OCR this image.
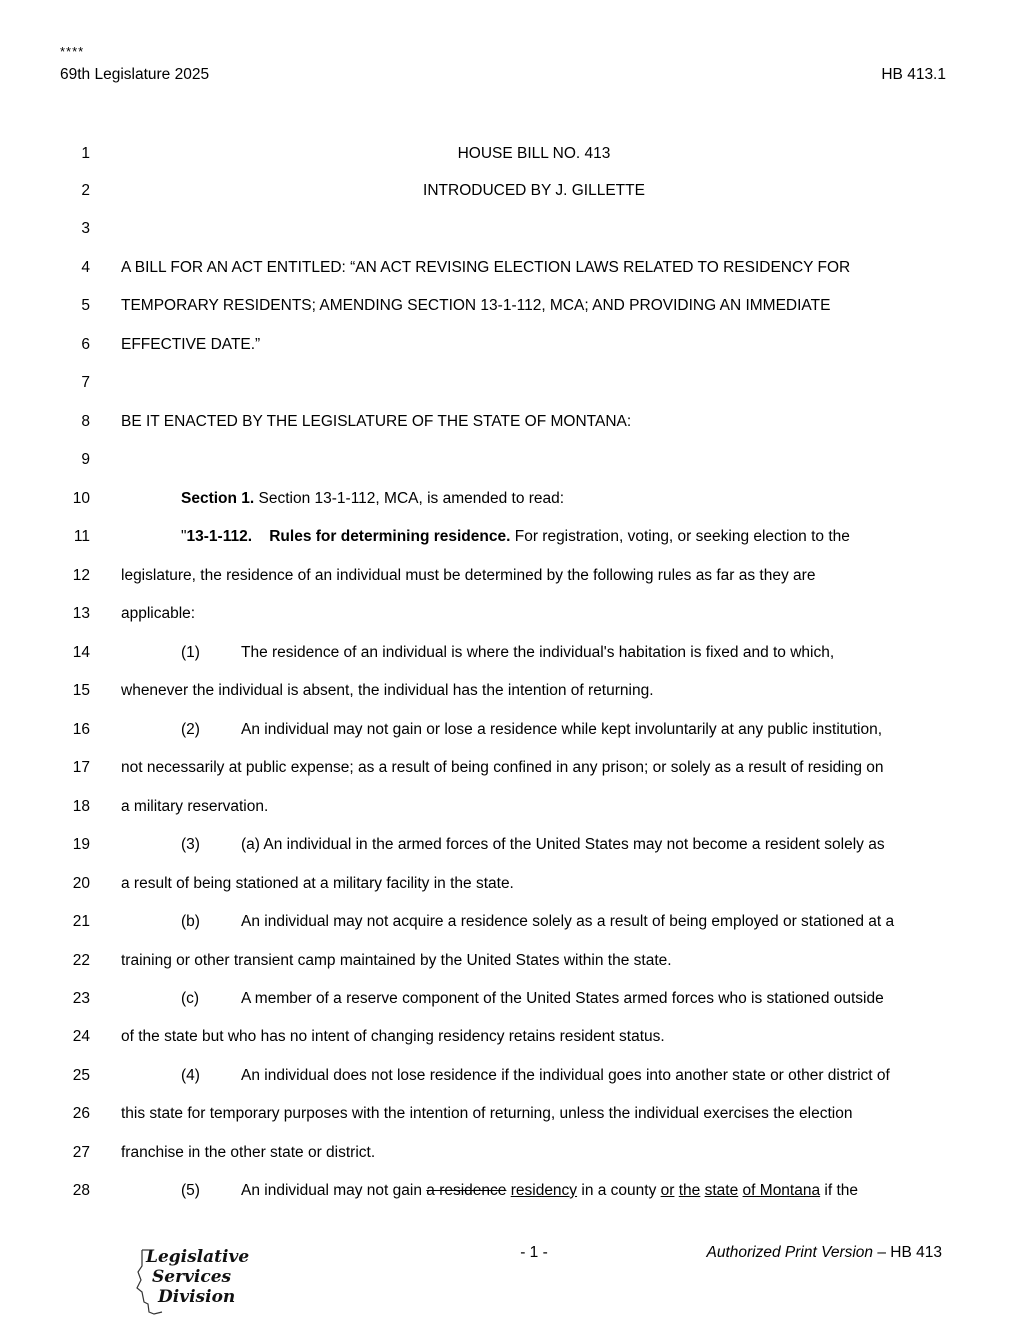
****
69th Legislature 2025	HB 413.1
1	HOUSE BILL NO. 413
2	INTRODUCED BY J. GILLETTE
3
4 A BILL FOR AN ACT ENTITLED: “AN ACT REVISING ELECTION LAWS RELATED TO RESIDENCY FOR
5 TEMPORARY RESIDENTS; AMENDING SECTION 13-1-112, MCA; AND PROVIDING AN IMMEDIATE
6 EFFECTIVE DATE.”
7
8 BE IT ENACTED BY THE LEGISLATURE OF THE STATE OF MONTANA:
9
10	Section 1. Section 13-1-112, MCA, is amended to read:
11	"13-1-112.    Rules for determining residence. For registration, voting, or seeking election to the
12 legislature, the residence of an individual must be determined by the following rules as far as they are
13 applicable:
14	(1)	The residence of an individual is where the individual's habitation is fixed and to which,
15 whenever the individual is absent, the individual has the intention of returning.
16	(2)	An individual may not gain or lose a residence while kept involuntarily at any public institution,
17 not necessarily at public expense; as a result of being confined in any prison; or solely as a result of residing on
18 a military reservation.
19	(3)	(a) An individual in the armed forces of the United States may not become a resident solely as
20 a result of being stationed at a military facility in the state.
21	(b)	An individual may not acquire a residence solely as a result of being employed or stationed at a
22 training or other transient camp maintained by the United States within the state.
23	(c)	A member of a reserve component of the United States armed forces who is stationed outside
24 of the state but who has no intent of changing residency retains resident status.
25	(4)	An individual does not lose residence if the individual goes into another state or other district of
26 this state for temporary purposes with the intention of returning, unless the individual exercises the election
27 franchise in the other state or district.
28	(5)	An individual may not gain a residence residency in a county or the state of Montana if the
Legislative
Services
Division
- 1 -	Authorized Print Version – HB 413
